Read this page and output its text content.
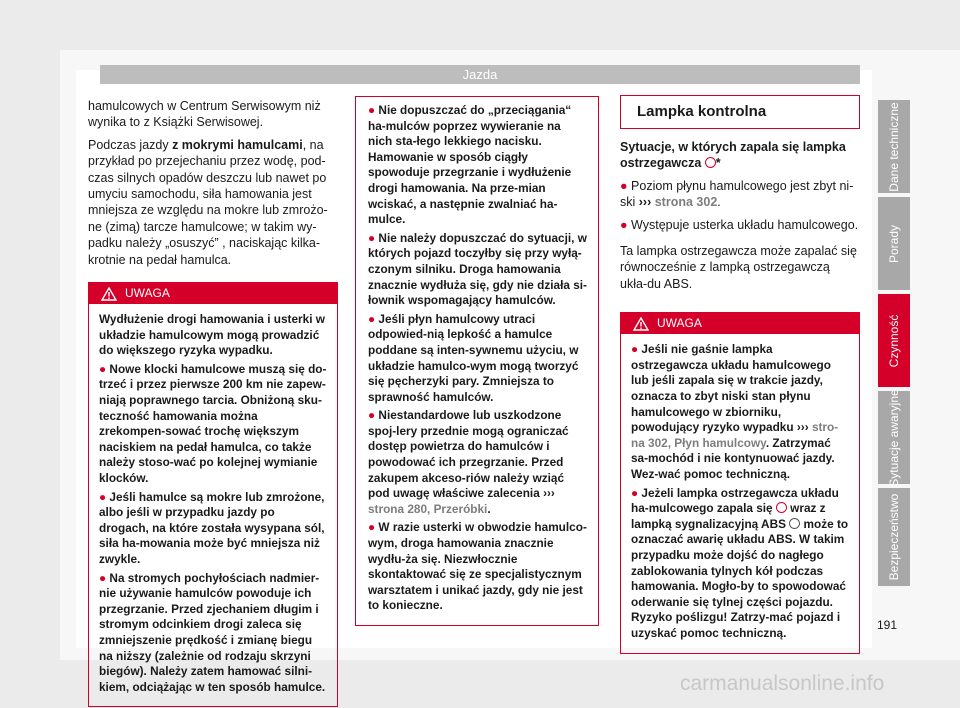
Jazda

hamulcowych w Centrum Serwisowym niż wynika to z Książki Serwisowej.

Podczas jazdy z mokrymi hamulcami, na przykład po przejechaniu przez wodę, pod-czas silnych opadów deszczu lub nawet po umyciu samochodu, siła hamowania jest mniejsza ze względu na mokre lub zmrożo-ne (zimą) tarcze hamulcowe; w takim wy-padku należy „osuszyć” , naciskając kilka-krotnie na pedał hamulca.

UWAGA

Wydłużenie drogi hamowania i usterki w układzie hamulcowym mogą prowadzić do większego ryzyka wypadku.

● Nowe klocki hamulcowe muszą się do-trzeć i przez pierwsze 200 km nie zapew-niają poprawnego tarcia. Obniżoną sku-teczność hamowania można zrekompen-sować trochę większym naciskiem na pedał hamulca, co także należy stoso-wać po kolejnej wymianie klocków.

● Jeśli hamulce są mokre lub zmrożone, albo jeśli w przypadku jazdy po drogach, na które została wysypana sól, siła ha-mowania może być mniejsza niż zwykle.

● Na stromych pochyłościach nadmier-nie używanie hamulców powoduje ich przegrzanie. Przed zjechaniem długim i stromym odcinkiem drogi zaleca się zmniejszenie prędkość i zmianę biegu na niższy (zależnie od rodzaju skrzyni biegów). Należy zatem hamować silni-kiem, odciążając w ten sposób hamulce.

● Nie dopuszczać do „przeciągania“ ha-mulców poprzez wywieranie na nich sta-łego lekkiego nacisku. Hamowanie w sposób ciągły spowoduje przegrzanie i wydłużenie drogi hamowania. Na prze-mian wciskać, a następnie zwalniać ha-mulce.

● Nie należy dopuszczać do sytuacji, w których pojazd toczyłby się przy wyłą-czonym silniku. Droga hamowania znacznie wydłuża się, gdy nie działa si-łownik wspomagający hamulców.

● Jeśli płyn hamulcowy utraci odpowied-nią lepkość a hamulce poddane są inten-sywnemu użyciu, w układzie hamulco-wym mogą tworzyć się pęcherzyki pary. Zmniejsza to sprawność hamulców.

● Niestandardowe lub uszkodzone spoj-lery przednie mogą ograniczać dostęp powietrza do hamulców i powodować ich przegrzanie. Przed zakupem akceso-riów należy wziąć pod uwagę właściwe zalecenia ››› strona 280, Przeróbki.

● W razie usterki w obwodzie hamulco-wym, droga hamowania znacznie wydłu-ża się. Niezwłocznie skontaktować się ze specjalistycznym warsztatem i unikać jazdy, gdy nie jest to konieczne.

Lampka kontrolna

Sytuacje, w których zapala się lampka ostrzegawcza *

● Poziom płynu hamulcowego jest zbyt ni-ski ››› strona 302.

● Występuje usterka układu hamulcowego.

Ta lampka ostrzegawcza może zapalać się równocześnie z lampką ostrzegawczą ukła-du ABS.

UWAGA

● Jeśli nie gaśnie lampka ostrzegawcza układu hamulcowego lub jeśli zapala się w trakcie jazdy, oznacza to zbyt niski stan płynu hamulcowego w zbiorniku, powodujący ryzyko wypadku ››› stro-na 302, Płyn hamulcowy. Zatrzymać sa-mochód i nie kontynuować jazdy. Wez-wać pomoc techniczną.

● Jeżeli lampka ostrzegawcza układu ha-mulcowego zapala się wraz z lampką sygnalizacyjną ABS może to oznaczać awarię układu ABS. W takim przypadku może dojść do nagłego zablokowania tylnych kół podczas hamowania. Mogło-by to spowodować oderwanie się tylnej części pojazdu. Ryzyko poślizgu! Zatrzy-mać pojazd i uzyskać pomoc techniczną.

Dane techniczne
Porady
Czynność
Sytuacje awaryjne
Bezpieczeństwo
191
carmanualsonline.info
